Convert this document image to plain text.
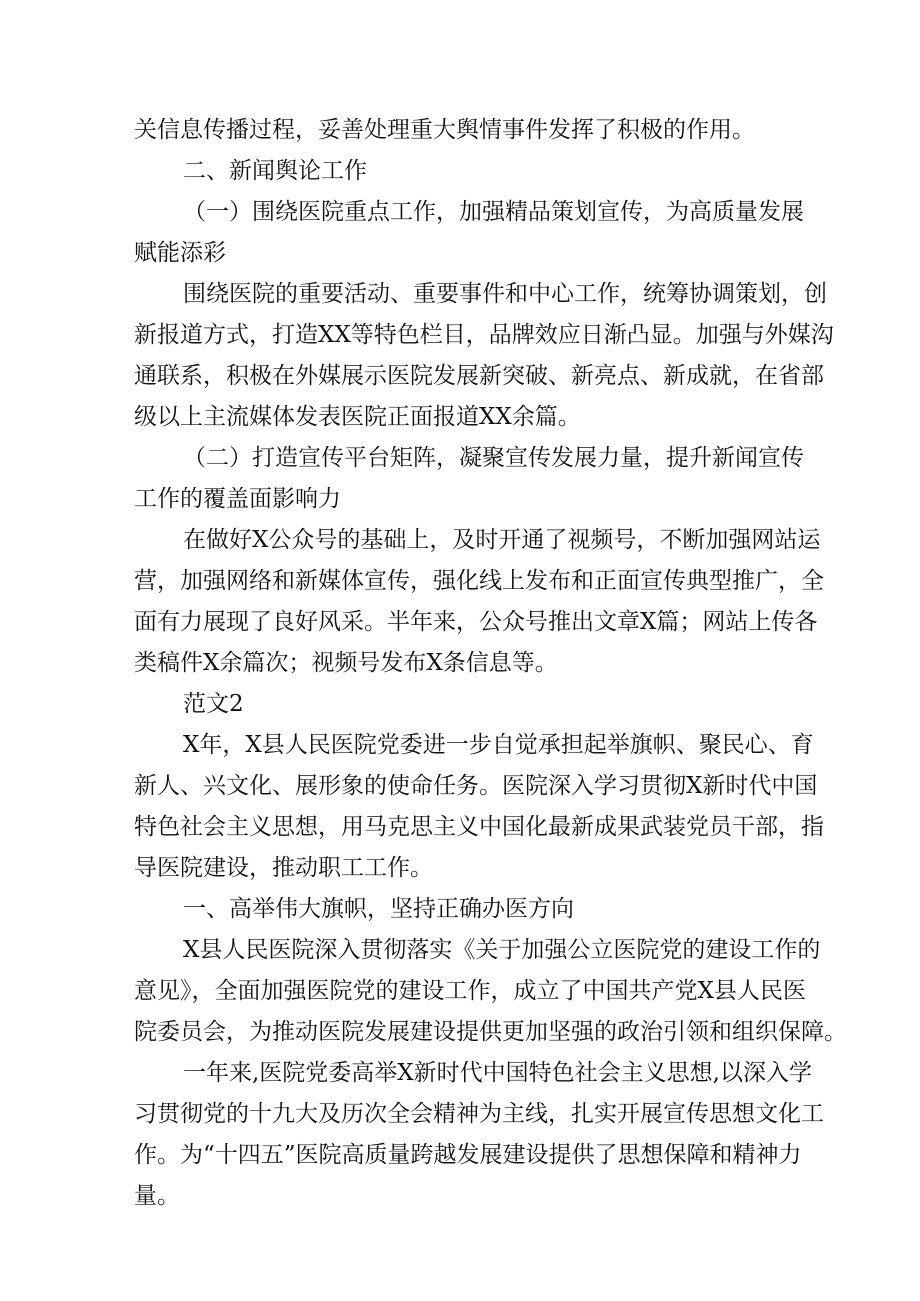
关信息传播过程，妥善处理重大舆情事件发挥了积极的作用。
二、新闻舆论工作
（一）围绕医院重点工作，加强精品策划宣传，为高质量发展
赋能添彩
围绕医院的重要活动、重要事件和中心工作，统筹协调策划，创
新报道方式，打造XX等特色栏目，品牌效应日渐凸显。加强与外媒沟
通联系，积极在外媒展示医院发展新突破、新亮点、新成就，在省部
级以上主流媒体发表医院正面报道XX余篇。
（二）打造宣传平台矩阵，凝聚宣传发展力量，提升新闻宣传
工作的覆盖面影响力
在做好X公众号的基础上，及时开通了视频号，不断加强网站运
营，加强网络和新媒体宣传，强化线上发布和正面宣传典型推广，全
面有力展现了良好风采。半年来，公众号推出文章X篇；网站上传各
类稿件X余篇次；视频号发布X条信息等。
范文2
X年，X县人民医院党委进一步自觉承担起举旗帜、聚民心、育
新人、兴文化、展形象的使命任务。医院深入学习贯彻X新时代中国
特色社会主义思想，用马克思主义中国化最新成果武装党员干部，指
导医院建设，推动职工工作。
一、高举伟大旗帜，坚持正确办医方向
X县人民医院深入贯彻落实《关于加强公立医院党的建设工作的
意见》，全面加强医院党的建设工作，成立了中国共产党X县人民医
院委员会，为推动医院发展建设提供更加坚强的政治引领和组织保障。
一年来,医院党委高举X新时代中国特色社会主义思想,以深入学
习贯彻党的十九大及历次全会精神为主线，扎实开展宣传思想文化工
作。为“十四五”医院高质量跨越发展建设提供了思想保障和精神力
量。
